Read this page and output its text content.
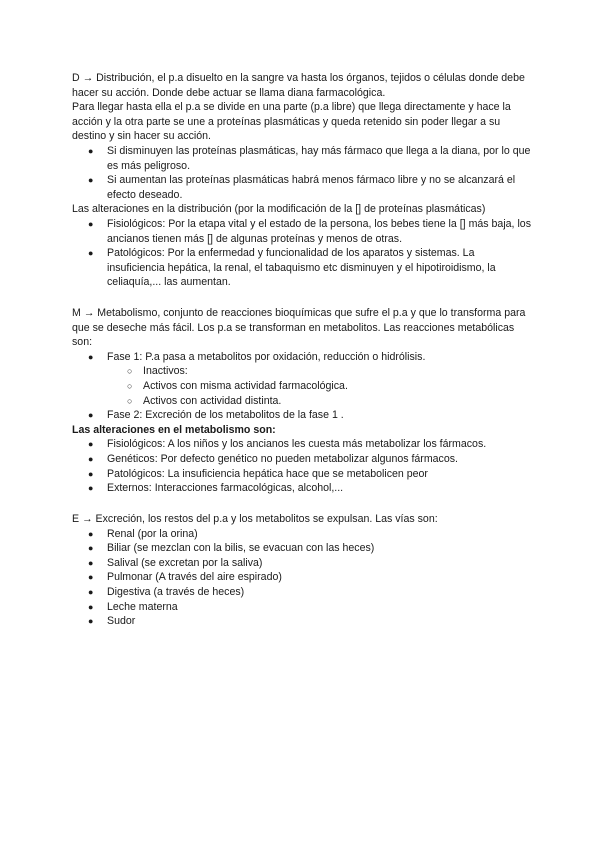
D → Distribución, el p.a disuelto en la sangre va hasta los órganos, tejidos o células donde debe hacer su acción. Donde debe actuar se llama diana farmacológica.

Para llegar hasta ella el p.a se divide en una parte (p.a libre) que llega directamente y hace la acción y la otra parte se une a proteínas plasmáticas y queda retenido sin poder llegar a su destino y sin hacer su acción.

● Si disminuyen las proteínas plasmáticas, hay más fármaco que llega a la diana, por lo que es más peligroso.
● Si aumentan las proteínas plasmáticas habrá menos fármaco libre y no se alcanzará el efecto deseado.

Las alteraciones en la distribución (por la modificación de la [] de proteínas plasmáticas)

● Fisiológicos: Por la etapa vital y el estado de la persona, los bebes tiene la [] más baja, los ancianos tienen más [] de algunas proteínas y menos de otras.
● Patológicos: Por la enfermedad y funcionalidad de los aparatos y sistemas. La insuficiencia hepática, la renal, el tabaquismo etc disminuyen y el hipotiroidismo, la celiaquía,... las aumentan.

M → Metabolismo, conjunto de reacciones bioquímicas que sufre el p.a y que lo transforma para que se deseche más fácil. Los p.a se transforman en metabolitos. Las reacciones metabólicas son:

● Fase 1: P.a pasa a metabolitos por oxidación, reducción o hidrólisis.
○ Inactivos:
○ Activos con misma actividad farmacológica.
○ Activos con actividad distinta.
● Fase 2: Excreción de los metabolitos de la fase 1 .

Las alteraciones en el metabolismo son:

● Fisiológicos: A los niños y los ancianos les cuesta más metabolizar los fármacos.
● Genéticos: Por defecto genético no pueden metabolizar algunos fármacos.
● Patológicos: La insuficiencia hepática hace que se metabolicen peor
● Externos: Interacciones farmacológicas, alcohol,...

E → Excreción, los restos del p.a y los metabolitos se expulsan. Las vías son:

● Renal (por la orina)
● Biliar (se mezclan con la bilis, se evacuan con las heces)
● Salival (se excretan por la saliva)
● Pulmonar (A través del aire espirado)
● Digestiva (a través de heces)
● Leche materna
● Sudor
